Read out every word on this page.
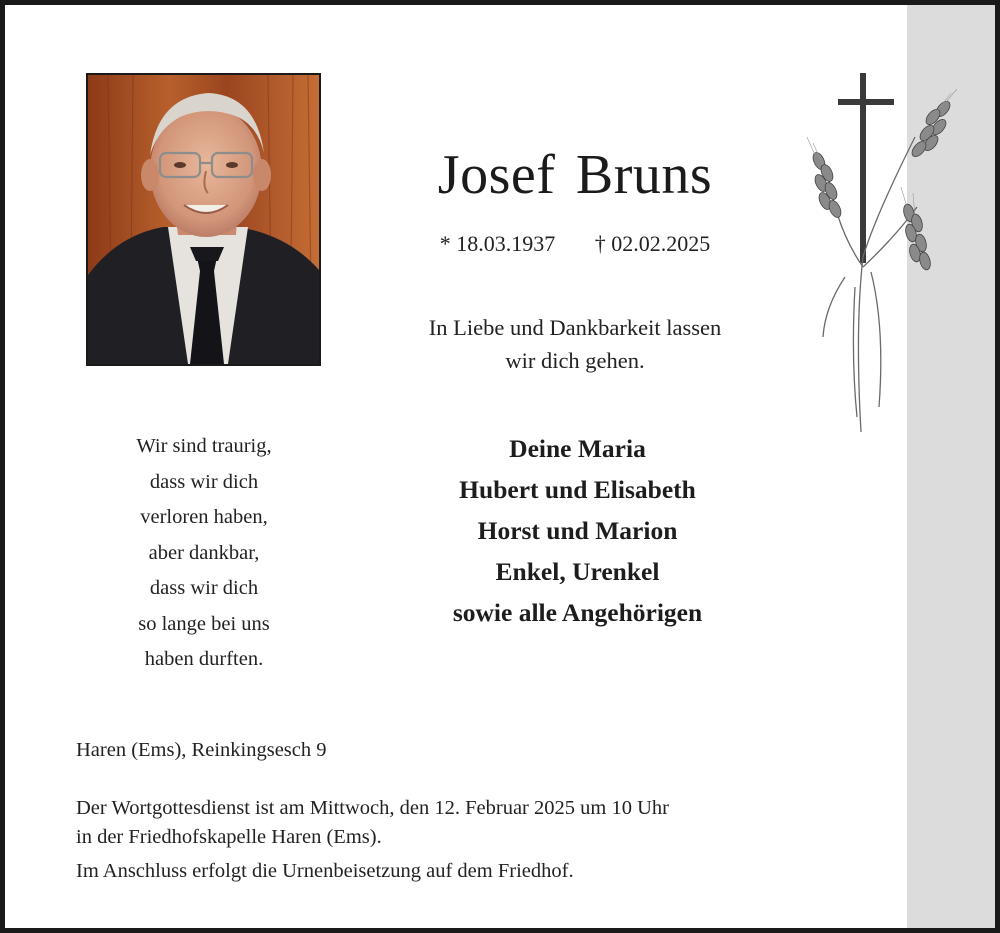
Josef Bruns
* 18.03.1937 † 02.02.2025
In Liebe und Dankbarkeit lassen
wir dich gehen.
Wir sind traurig,
dass wir dich
verloren haben,
aber dankbar,
dass wir dich
so lange bei uns
haben durften.
Deine Maria
Hubert und Elisabeth
Horst und Marion
Enkel, Urenkel
sowie alle Angehörigen
Haren (Ems), Reinkingsesch 9
Der Wortgottesdienst ist am Mittwoch, den 12. Februar 2025 um 10 Uhr
in der Friedhofskapelle Haren (Ems).
Im Anschluss erfolgt die Urnenbeisetzung auf dem Friedhof.
